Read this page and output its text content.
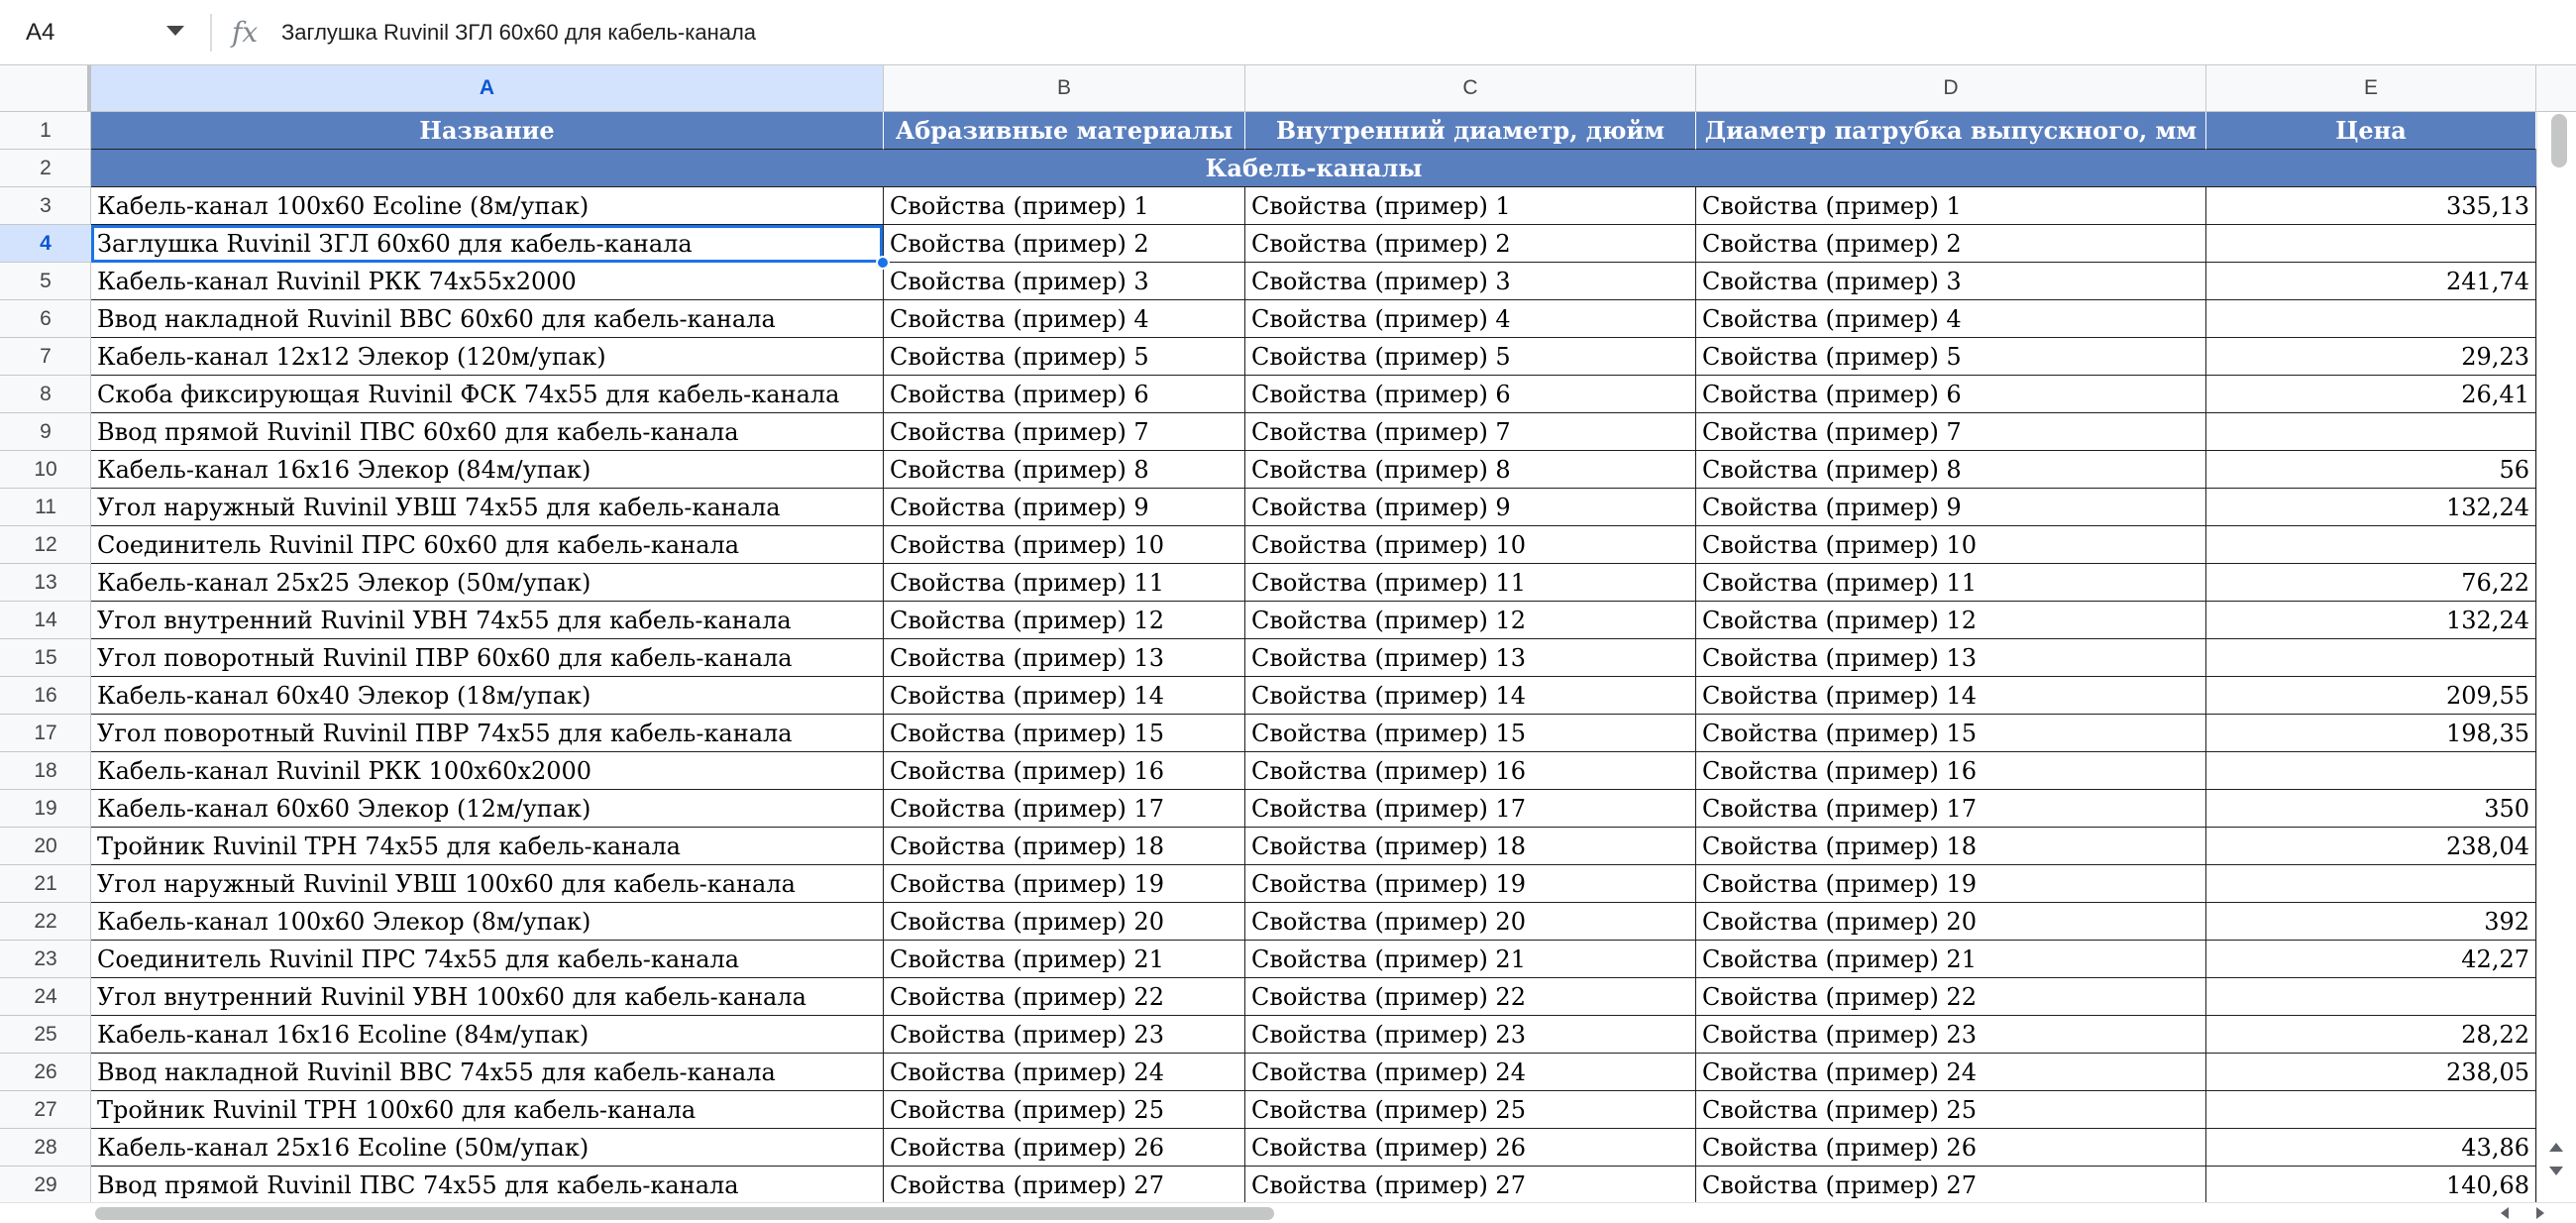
A4	fx Заглушка Ruvinil ЗГЛ 60х60 для кабель-канала
A	B	C	D	E
1
2
3
4
5
6
7
8
9
10
11
12
13
14
15
16
17
18
19
20
21
22
23
24
25
26
27
28
29
Название	Абразивные материалы	Внутренний диаметр, дюйм	Диаметр патрубка выпускного, мм	Цена
Кабель-каналы
Кабель-канал 100х60 Ecoline (8м/упак)	Свойства (пример) 1	Свойства (пример) 1	Свойства (пример) 1	335,13
Заглушка Ruvinil ЗГЛ 60х60 для кабель-канала	Свойства (пример) 2	Свойства (пример) 2	Свойства (пример) 2
Кабель-канал Ruvinil РКК 74х55х2000	Свойства (пример) 3	Свойства (пример) 3	Свойства (пример) 3	241,74
Ввод накладной Ruvinil ВВС 60х60 для кабель-канала	Свойства (пример) 4	Свойства (пример) 4	Свойства (пример) 4
Кабель-канал 12х12 Элекор (120м/упак)	Свойства (пример) 5	Свойства (пример) 5	Свойства (пример) 5	29,23
Скоба фиксирующая Ruvinil ФСК 74х55 для кабель-канала	Свойства (пример) 6	Свойства (пример) 6	Свойства (пример) 6	26,41
Ввод прямой Ruvinil ПВС 60х60 для кабель-канала	Свойства (пример) 7	Свойства (пример) 7	Свойства (пример) 7
Кабель-канал 16х16 Элекор (84м/упак)	Свойства (пример) 8	Свойства (пример) 8	Свойства (пример) 8	56
Угол наружный Ruvinil УВШ 74х55 для кабель-канала	Свойства (пример) 9	Свойства (пример) 9	Свойства (пример) 9	132,24
Соединитель Ruvinil ПРС 60х60 для кабель-канала	Свойства (пример) 10	Свойства (пример) 10	Свойства (пример) 10
Кабель-канал 25х25 Элекор (50м/упак)	Свойства (пример) 11	Свойства (пример) 11	Свойства (пример) 11	76,22
Угол внутренний Ruvinil УВН 74х55 для кабель-канала	Свойства (пример) 12	Свойства (пример) 12	Свойства (пример) 12	132,24
Угол поворотный Ruvinil ПВР 60х60 для кабель-канала	Свойства (пример) 13	Свойства (пример) 13	Свойства (пример) 13
Кабель-канал 60х40 Элекор (18м/упак)	Свойства (пример) 14	Свойства (пример) 14	Свойства (пример) 14	209,55
Угол поворотный Ruvinil ПВР 74х55 для кабель-канала	Свойства (пример) 15	Свойства (пример) 15	Свойства (пример) 15	198,35
Кабель-канал Ruvinil РКК 100х60х2000	Свойства (пример) 16	Свойства (пример) 16	Свойства (пример) 16
Кабель-канал 60х60 Элекор (12м/упак)	Свойства (пример) 17	Свойства (пример) 17	Свойства (пример) 17	350
Тройник Ruvinil ТРН 74х55 для кабель-канала	Свойства (пример) 18	Свойства (пример) 18	Свойства (пример) 18	238,04
Угол наружный Ruvinil УВШ 100х60 для кабель-канала	Свойства (пример) 19	Свойства (пример) 19	Свойства (пример) 19
Кабель-канал 100х60 Элекор (8м/упак)	Свойства (пример) 20	Свойства (пример) 20	Свойства (пример) 20	392
Соединитель Ruvinil ПРС 74х55 для кабель-канала	Свойства (пример) 21	Свойства (пример) 21	Свойства (пример) 21	42,27
Угол внутренний Ruvinil УВН 100х60 для кабель-канала	Свойства (пример) 22	Свойства (пример) 22	Свойства (пример) 22
Кабель-канал 16х16 Ecoline (84м/упак)	Свойства (пример) 23	Свойства (пример) 23	Свойства (пример) 23	28,22
Ввод накладной Ruvinil ВВС 74х55 для кабель-канала	Свойства (пример) 24	Свойства (пример) 24	Свойства (пример) 24	238,05
Тройник Ruvinil ТРН 100х60 для кабель-канала	Свойства (пример) 25	Свойства (пример) 25	Свойства (пример) 25
Кабель-канал 25х16 Ecoline (50м/упак)	Свойства (пример) 26	Свойства (пример) 26	Свойства (пример) 26	43,86
Ввод прямой Ruvinil ПВС 74х55 для кабель-канала	Свойства (пример) 27	Свойства (пример) 27	Свойства (пример) 27	140,68
